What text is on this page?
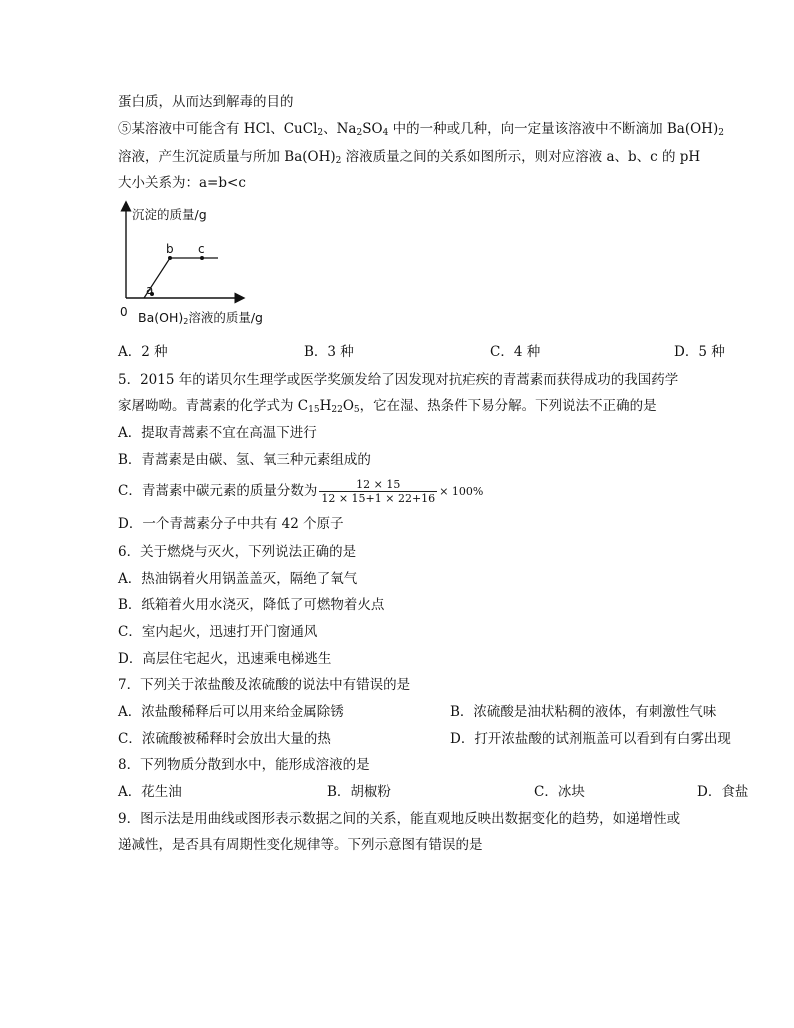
蛋白质，从而达到解毒的目的
⑤某溶液中可能含有 HCl、CuCl$_2$、$Na_2SO_4$ 中的一种或几种，向一定量该溶液中不断滴加 $Ba(OH)_2$
溶液，产生沉淀质量与所加 $Ba(OH)_2$ 溶液质量之间的关系如图所示，则对应溶液 a、b、c 的 pH
大小关系为：a=b<c
沉淀的质量/g
a
b c
0 Ba(OH)2溶液的质量/g
A．2 种	B．3 种	C．4 种	D．5 种
5．2015 年的诺贝尔生理学或医学奖颁发给了因发现对抗疟疾的青蒿素而获得成功的我国药学
家屠呦呦。青蒿素的化学式为 $C_{15}H_{22}O_5$，它在湿、热条件下易分解。下列说法不正确的是
A．提取青蒿素不宜在高温下进行
B．青蒿素是由碳、氢、氧三种元素组成的
C．青蒿素中碳元素的质量分数为 $\frac{12 \times 15}{12 \times 15+1 \times 22+16} \times 100\%$
D．一个青蒿素分子中共有 42 个原子
6．关于燃烧与灭火，下列说法正确的是
A．热油锅着火用锅盖盖灭，隔绝了氧气
B．纸箱着火用水浇灭，降低了可燃物着火点
C．室内起火，迅速打开门窗通风
D．高层住宅起火，迅速乘电梯逃生
7．下列关于浓盐酸及浓硫酸的说法中有错误的是
A．浓盐酸稀释后可以用来给金属除锈	B．浓硫酸是油状粘稠的液体，有刺激性气味
C．浓硫酸被稀释时会放出大量的热	D．打开浓盐酸的试剂瓶盖可以看到有白雾出现
8．下列物质分散到水中，能形成溶液的是
A．花生油	B．胡椒粉	C．冰块	D．食盐
9．图示法是用曲线或图形表示数据之间的关系，能直观地反映出数据变化的趋势，如递增性或
递减性，是否具有周期性变化规律等。下列示意图有错误的是
